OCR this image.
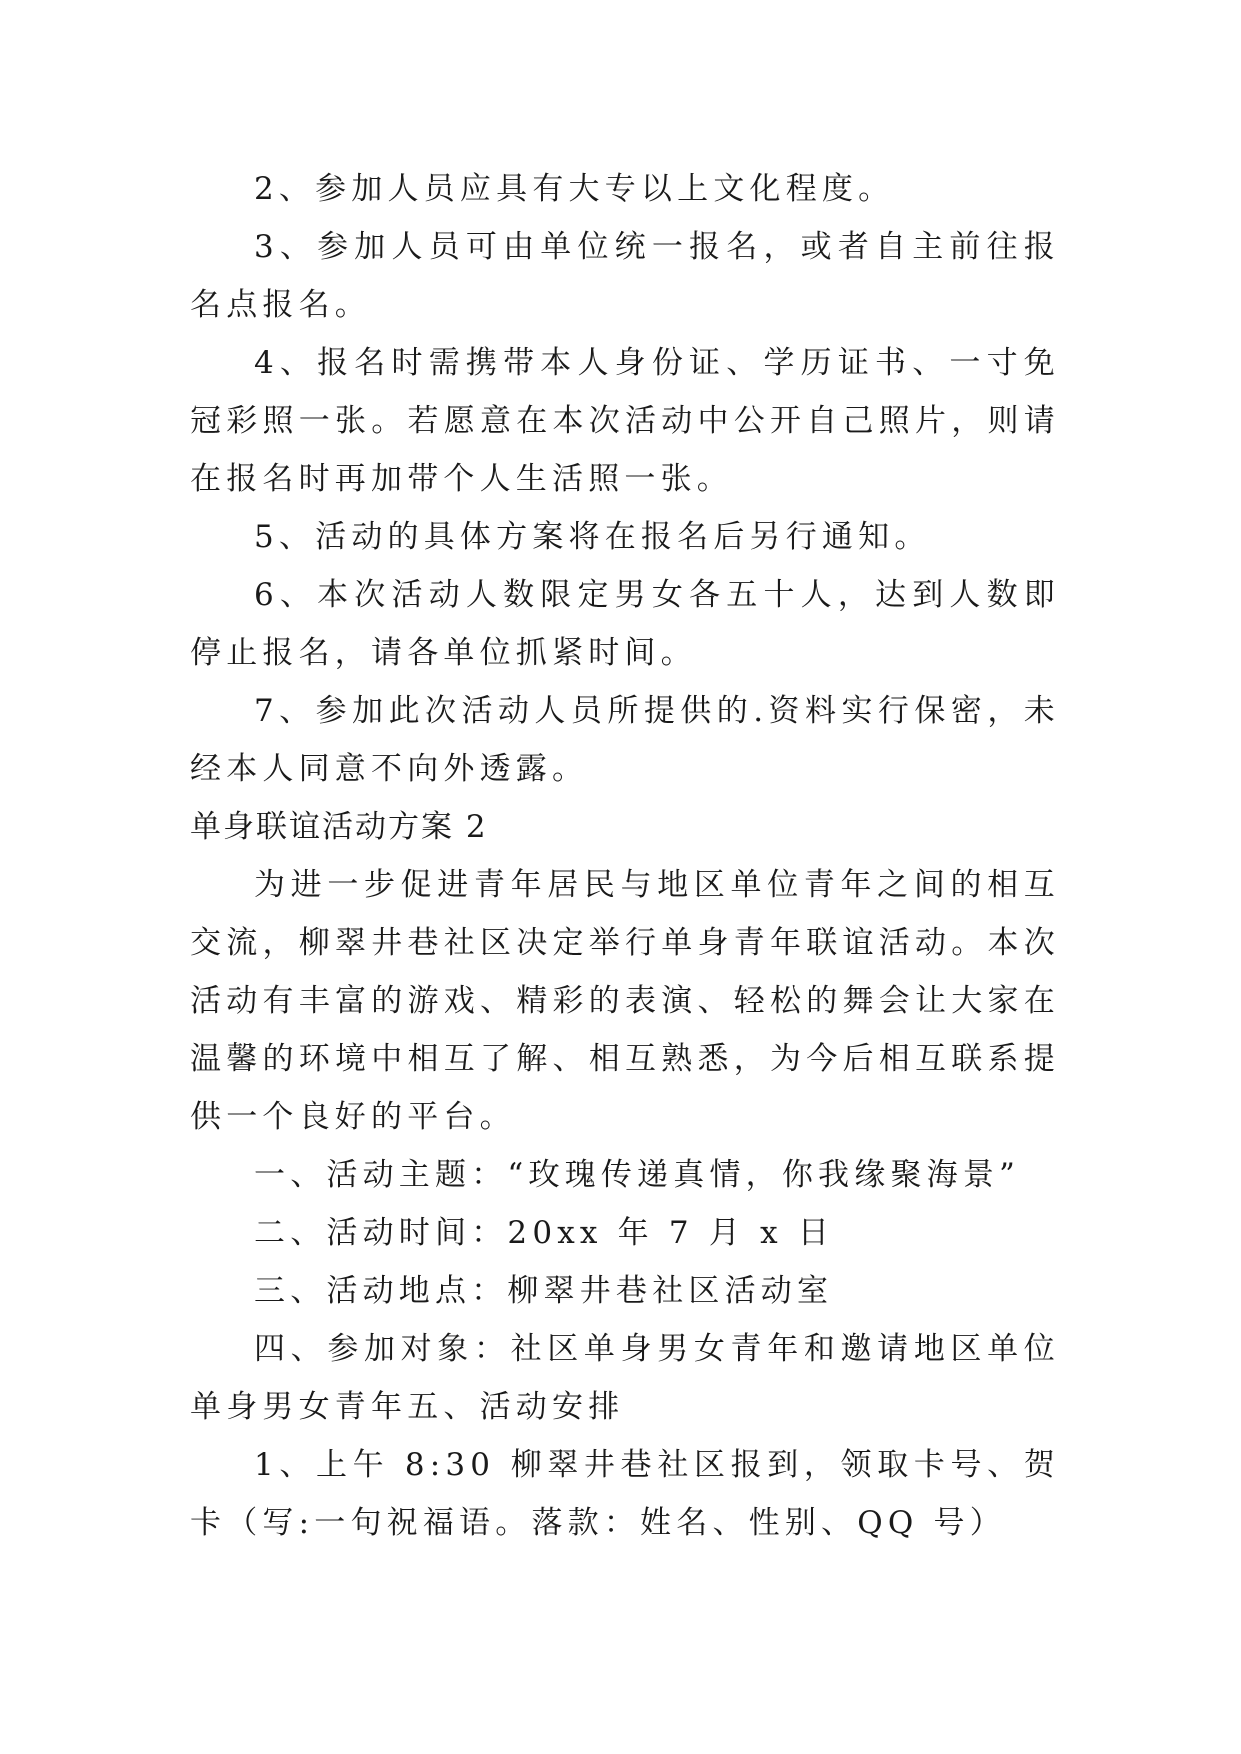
2、参加人员应具有大专以上文化程度。

3、参加人员可由单位统一报名，或者自主前往报名点报名。

4、报名时需携带本人身份证、学历证书、一寸免冠彩照一张。若愿意在本次活动中公开自己照片，则请在报名时再加带个人生活照一张。

5、活动的具体方案将在报名后另行通知。

6、本次活动人数限定男女各五十人，达到人数即停止报名，请各单位抓紧时间。

7、参加此次活动人员所提供的.资料实行保密，未经本人同意不向外透露。

单身联谊活动方案 2

为进一步促进青年居民与地区单位青年之间的相互交流，柳翠井巷社区决定举行单身青年联谊活动。本次活动有丰富的游戏、精彩的表演、轻松的舞会让大家在温馨的环境中相互了解、相互熟悉，为今后相互联系提供一个良好的平台。

一、活动主题：“玫瑰传递真情，你我缘聚海景”

二、活动时间：20xx 年 7 月 x 日

三、活动地点：柳翠井巷社区活动室

四、参加对象：社区单身男女青年和邀请地区单位单身男女青年五、活动安排

1、上午 8:30 柳翠井巷社区报到，领取卡号、贺卡（写:一句祝福语。落款：姓名、性别、QQ 号）
